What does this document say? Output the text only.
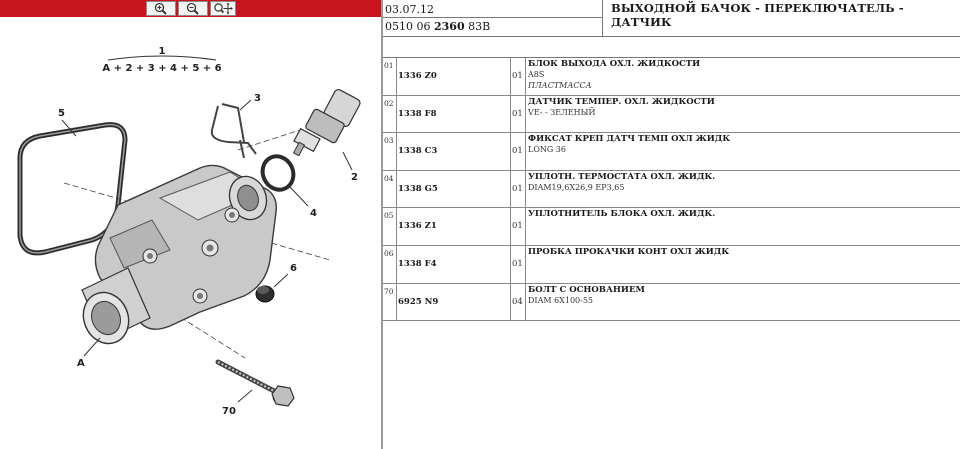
1
A + 2 + 3 + 4 + 5 + 6
5
3
2
4
A
6
70
03.07.12
0510 06 2360 83B
ВЫХОДНОЙ БАЧОК - ПЕРЕКЛЮЧАТЕЛЬ - ДАТЧИК
01
1336 Z0	01
БЛОК ВЫХОДА ОХЛ. ЖИДКОСТИ
A8S
ПЛАСТМАССА
02
1338 F8	01
ДАТЧИК ТЕМПЕР. ОХЛ. ЖИДКОСТИ
VE- - ЗЕЛЕНЫЙ
03
1338 C3	01
ФИКСАТ КРЕП ДАТЧ ТЕМП ОХЛ ЖИДК
LONG 36
04
1338 G5	01
УПЛОТН. ТЕРМОСТАТА ОХЛ. ЖИДК.
DIAM19,6X26,9 EP3,65
05
1336 Z1	01
УПЛОТНИТЕЛЬ БЛОКА ОХЛ. ЖИДК.
06
1338 F4	01
ПРОБКА ПРОКАЧКИ КОНТ ОХЛ ЖИДК
70
6925 N9	04
БОЛТ С ОСНОВАНИЕМ
DIAM 6X100-55
